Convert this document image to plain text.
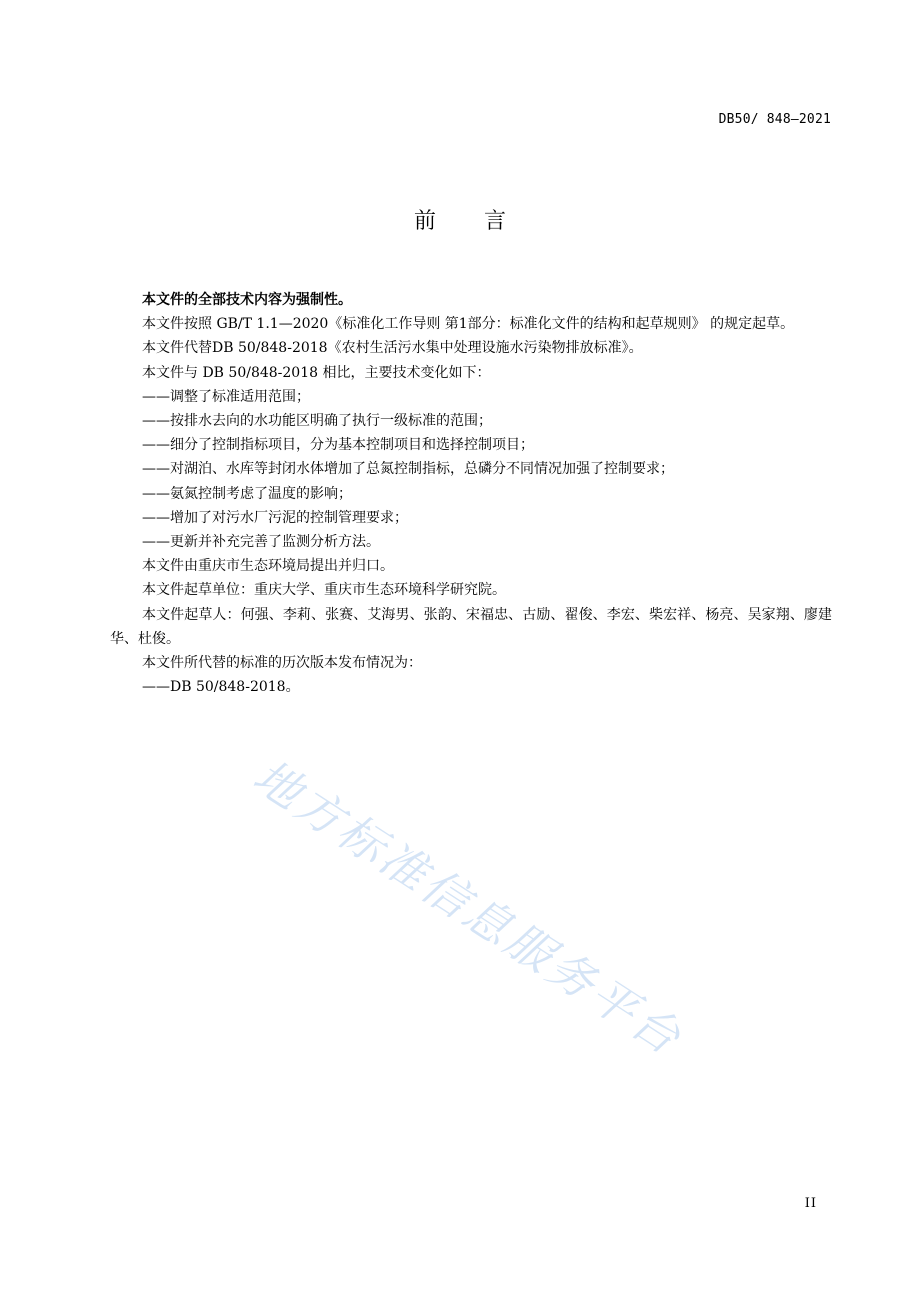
DB50/ 848—2021
前言

本文件的全部技术内容为强制性。

本文件按照 GB/T 1.1—2020《标准化工作导则 第1部分：标准化文件的结构和起草规则》 的规定起草。

本文件代替DB 50/848-2018《农村生活污水集中处理设施水污染物排放标准》。

本文件与 DB 50/848-2018 相比，主要技术变化如下：

——调整了标准适用范围；

——按排水去向的水功能区明确了执行一级标准的范围；

——细分了控制指标项目，分为基本控制项目和选择控制项目；

——对湖泊、水库等封闭水体增加了总氮控制指标，总磷分不同情况加强了控制要求；

——氨氮控制考虑了温度的影响；

——增加了对污水厂污泥的控制管理要求；

——更新并补充完善了监测分析方法。

本文件由重庆市生态环境局提出并归口。

本文件起草单位：重庆大学、重庆市生态环境科学研究院。

本文件起草人：何强、李莉、张赛、艾海男、张韵、宋福忠、古励、翟俊、李宏、柴宏祥、杨亮、吴家翔、廖建华、杜俊。

本文件所代替的标准的历次版本发布情况为：

——DB 50/848-2018。

地方标准信息服务平台
II
